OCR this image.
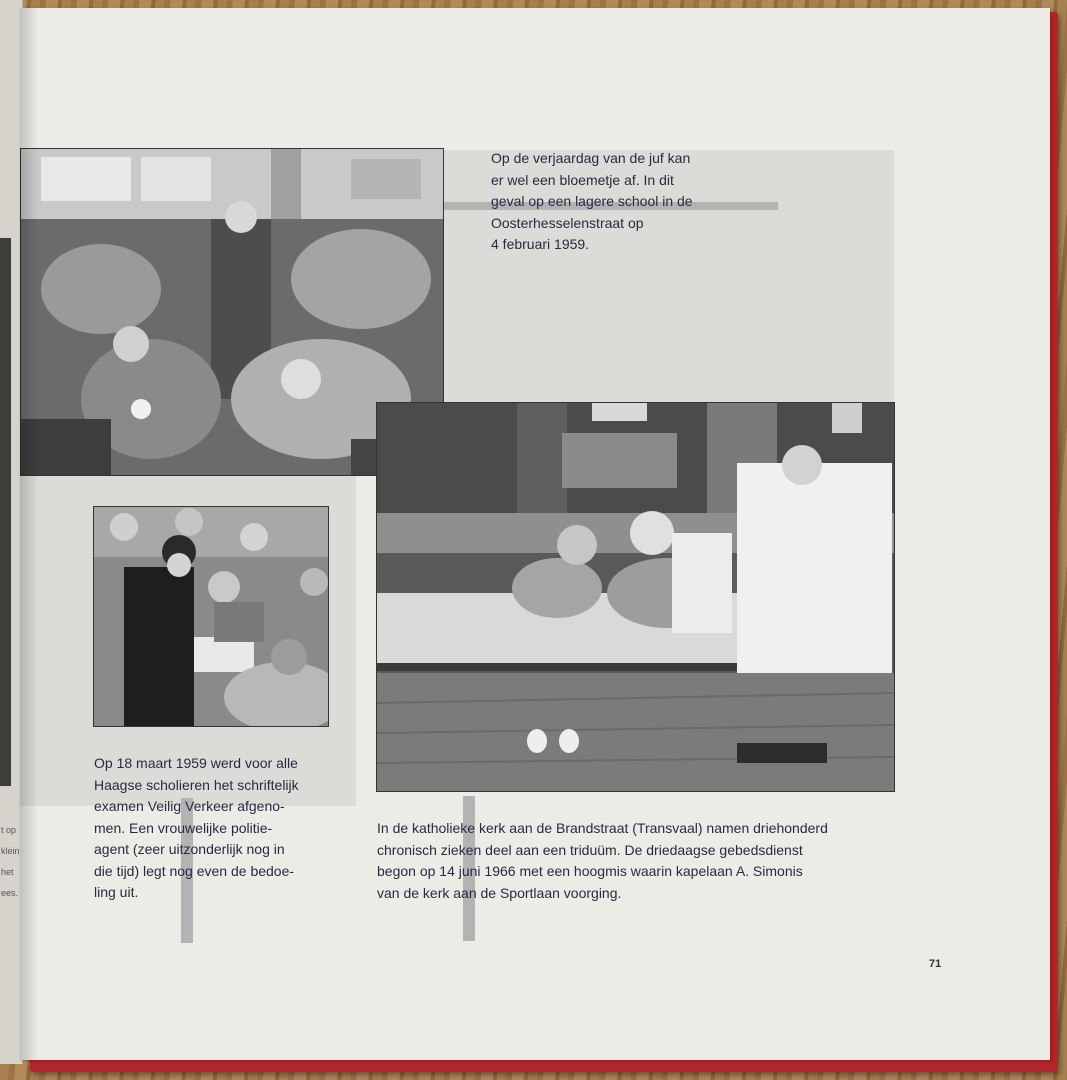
t op
klein
het
ees.
Op de verjaardag van de juf kan
er wel een bloemetje af. In dit
geval op een lagere school in de
Oosterhesselenstraat op
4 februari 1959.
Op 18 maart 1959 werd voor alle
Haagse scholieren het schriftelijk
examen Veilig Verkeer afgeno-
men. Een vrouwelijke politie-
agent (zeer uitzonderlijk nog in
die tijd) legt nog even de bedoe-
ling uit.
In de katholieke kerk aan de Brandstraat (Transvaal) namen driehonderd
chronisch zieken deel aan een triduüm. De driedaagse gebedsdienst
begon op 14 juni 1966 met een hoogmis waarin kapelaan A. Simonis
van de kerk aan de Sportlaan voorging.
71
